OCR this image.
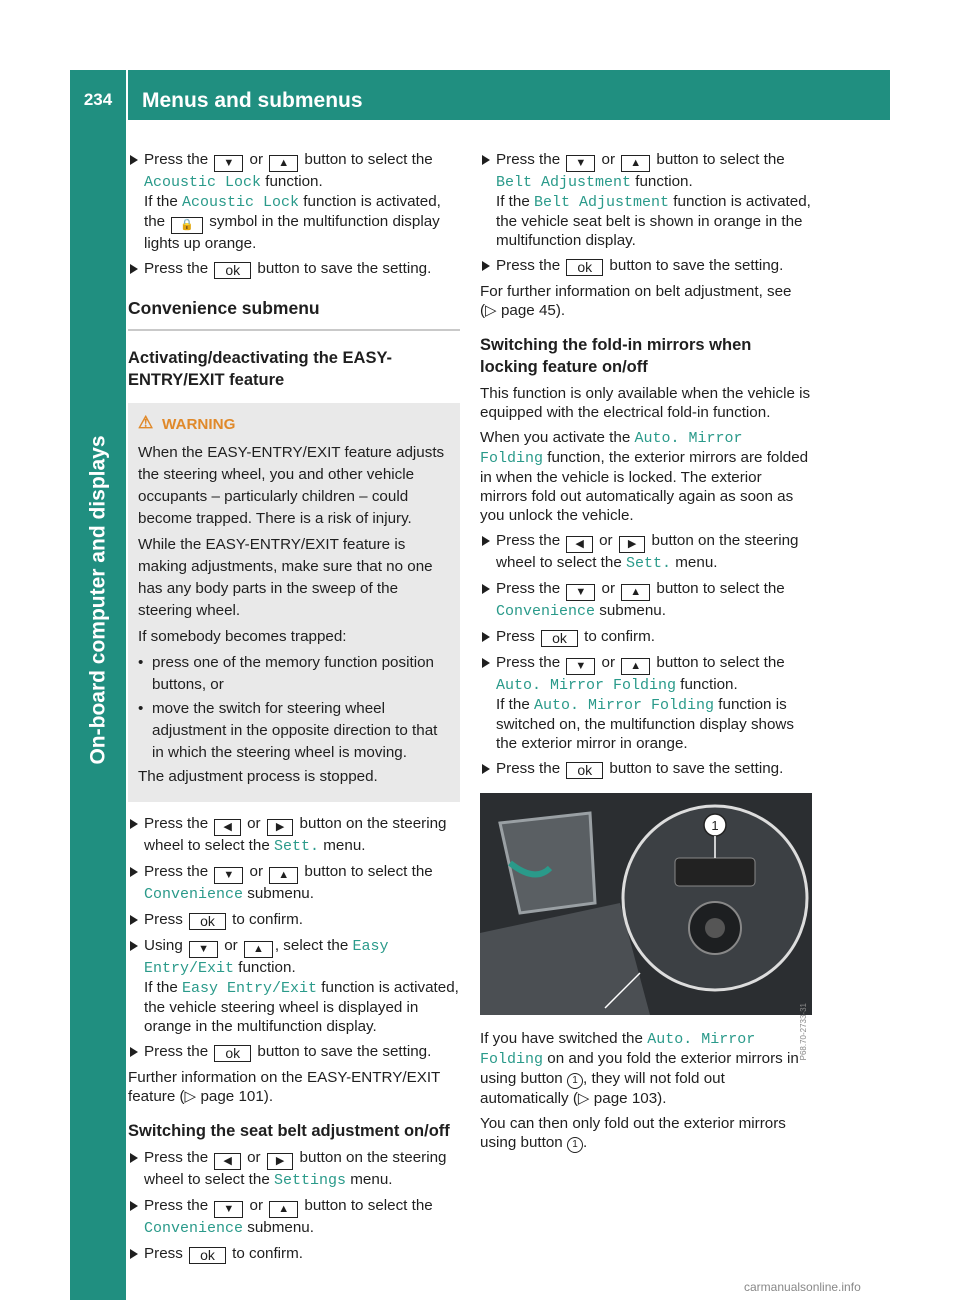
234	Menus and submenus
On-board computer and displays
Press the ▼ or ▲ button to select the Acoustic Lock function.
If the Acoustic Lock function is activated, the 🔒 symbol in the multifunction display lights up orange.
Press the ok button to save the setting.
Convenience submenu
Activating/deactivating the EASY-ENTRY/EXIT feature
⚠ WARNING

When the EASY-ENTRY/EXIT feature adjusts the steering wheel, you and other vehicle occupants – particularly children – could become trapped. There is a risk of injury.

While the EASY-ENTRY/EXIT feature is making adjustments, make sure that no one has any body parts in the sweep of the steering wheel.

If somebody becomes trapped:

• press one of the memory function position buttons, or
• move the switch for steering wheel adjustment in the opposite direction to that in which the steering wheel is moving.

The adjustment process is stopped.

Press the ◀ or ▶ button on the steering wheel to select the Sett. menu.
Press the ▼ or ▲ button to select the Convenience submenu.
Press ok to confirm.
Using ▼ or ▲ , select the Easy Entry/Exit function.
If the Easy Entry/Exit function is activated, the vehicle steering wheel is displayed in orange in the multifunction display.
Press the ok button to save the setting.

Further information on the EASY-ENTRY/EXIT feature (▷ page 101).

Switching the seat belt adjustment on/off
Press the ◀ or ▶ button on the steering wheel to select the Settings menu.
Press the ▼ or ▲ button to select the Convenience submenu.
Press ok to confirm.
Press the ▼ or ▲ button to select the Belt Adjustment function.
If the Belt Adjustment function is activated, the vehicle seat belt is shown in orange in the multifunction display.
Press the ok button to save the setting.

For further information on belt adjustment, see (▷ page 45).

Switching the fold-in mirrors when locking feature on/off

This function is only available when the vehicle is equipped with the electrical fold-in function.

When you activate the Auto. Mirror Folding function, the exterior mirrors are folded in when the vehicle is locked. The exterior mirrors fold out automatically again as soon as you unlock the vehicle.

Press the ◀ or ▶ button on the steering wheel to select the Sett. menu.
Press the ▼ or ▲ button to select the Convenience submenu.
Press ok to confirm.
Press the ▼ or ▲ button to select the Auto. Mirror Folding function.
If the Auto. Mirror Folding function is switched on, the multifunction display shows the exterior mirror in orange.
Press the ok button to save the setting.
1
P68.70-2733-31

If you have switched the Auto. Mirror Folding on and you fold the exterior mirrors in using button 1 , they will not fold out automatically (▷ page 103).

You can then only fold out the exterior mirrors using button 1 .

carmanualsonline.info
